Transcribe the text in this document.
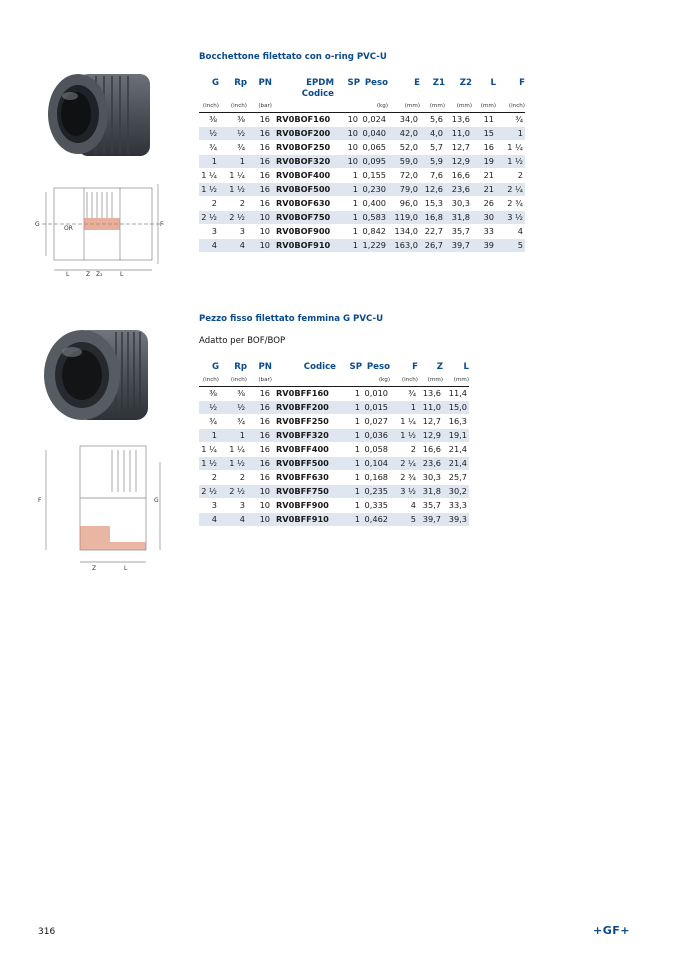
Bocchettone filettato con o-ring PVC-U
G
OR
F
L	Z Z₂	L
G	Rp	PN	EPDM	SP	Peso	E	Z1	Z2	L	F
			Codice							
(inch)	(inch)	(bar)			(kg)	(mm)	(mm)	(mm)	(mm)	(inch)
⅜	⅜	16	RV0BOF160	10	0,024	34,0	5,6	13,6	11	¾
½	½	16	RV0BOF200	10	0,040	42,0	4,0	11,0	15	1
¾	¾	16	RV0BOF250	10	0,065	52,0	5,7	12,7	16	1 ¼
1	1	16	RV0BOF320	10	0,095	59,0	5,9	12,9	19	1 ½
1 ¼	1 ¼	16	RV0BOF400	1	0,155	72,0	7,6	16,6	21	2
1 ½	1 ½	16	RV0BOF500	1	0,230	79,0	12,6	23,6	21	2 ¼
2	2	16	RV0BOF630	1	0,400	96,0	15,3	30,3	26	2 ¾
2 ½	2 ½	10	RV0BOF750	1	0,583	119,0	16,8	31,8	30	3 ½
3	3	10	RV0BOF900	1	0,842	134,0	22,7	35,7	33	4
4	4	10	RV0BOF910	1	1,229	163,0	26,7	39,7	39	5
Pezzo fisso filettato femmina G PVC-U
Adatto per BOF/BOP
F	G
Z	L
G	Rp	PN	Codice	SP	Peso	F	Z	L
(inch)	(inch)	(bar)			(kg)	(inch)	(mm)	(mm)
⅜	⅜	16	RV0BFF160	1	0,010	¾	13,6	11,4
½	½	16	RV0BFF200	1	0,015	1	11,0	15,0
¾	¾	16	RV0BFF250	1	0,027	1 ¼	12,7	16,3
1	1	16	RV0BFF320	1	0,036	1 ½	12,9	19,1
1 ¼	1 ¼	16	RV0BFF400	1	0,058	2	16,6	21,4
1 ½	1 ½	16	RV0BFF500	1	0,104	2 ¼	23,6	21,4
2	2	16	RV0BFF630	1	0,168	2 ¾	30,3	25,7
2 ½	2 ½	10	RV0BFF750	1	0,235	3 ½	31,8	30,2
3	3	10	RV0BFF900	1	0,335	4	35,7	33,3
4	4	10	RV0BFF910	1	0,462	5	39,7	39,3
316	+GF+
